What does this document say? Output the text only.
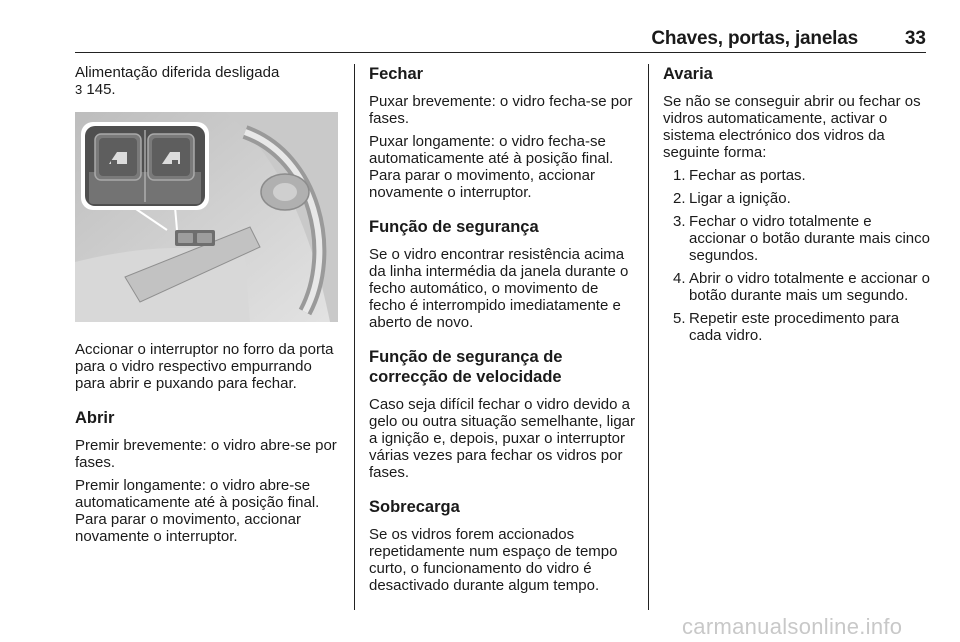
Chaves, portas, janelas 33

Alimentação diferida desligada
3 145.

Accionar o interruptor no forro da porta para o vidro respectivo empurrando para abrir e puxando para fechar.

Abrir

Premir brevemente: o vidro abre-se por fases.

Premir longamente: o vidro abre-se automaticamente até à posição final. Para parar o movimento, accionar novamente o interruptor.

Fechar

Puxar brevemente: o vidro fecha-se por fases.

Puxar longamente: o vidro fecha-se automaticamente até à posição final. Para parar o movimento, accionar novamente o interruptor.

Função de segurança

Se o vidro encontrar resistência acima da linha intermédia da janela durante o fecho automático, o movimento de fecho é interrompido imediatamente e aberto de novo.

Função de segurança de correcção de velocidade

Caso seja difícil fechar o vidro devido a gelo ou outra situação semelhante, ligar a ignição e, depois, puxar o interruptor várias vezes para fechar os vidros por fases.

Sobrecarga

Se os vidros forem accionados repetidamente num espaço de tempo curto, o funcionamento do vidro é desactivado durante algum tempo.

Avaria

Se não se conseguir abrir ou fechar os vidros automaticamente, activar o sistema electrónico dos vidros da seguinte forma:

1. Fechar as portas.
2. Ligar a ignição.
3. Fechar o vidro totalmente e accionar o botão durante mais cinco segundos.
4. Abrir o vidro totalmente e accionar o botão durante mais um segundo.
5. Repetir este procedimento para cada vidro.
carmanualsonline.info
